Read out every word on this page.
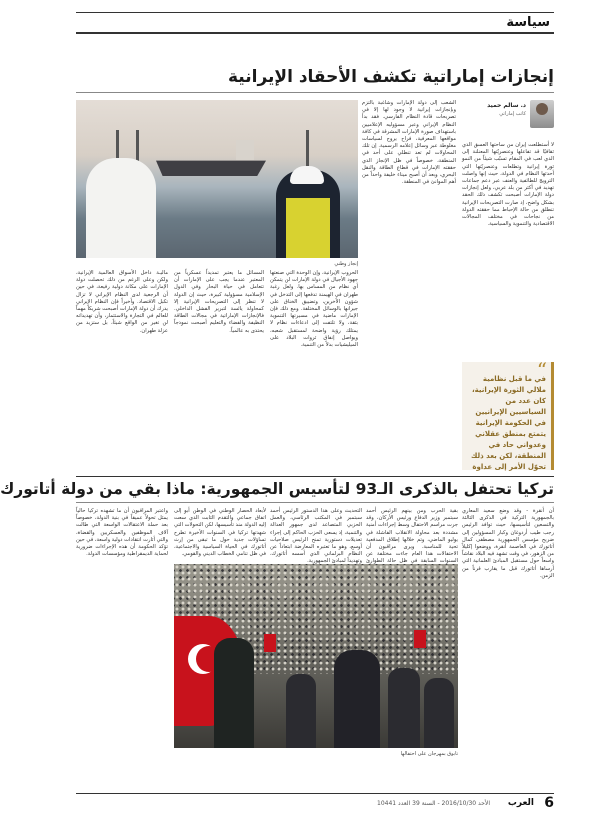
سياسة
إنجازات إماراتية تكشف الأحقاد الإيرانية
د. سالم حميد
كاتب إماراتي
إنجاز وطني

لا أستطلعت إيران من ساحتها العسق الذي ثقافيّا قد تفاعلها وعنصريّتها المعنلنة إلى الذي لعب في المقام تسبّب شيئاً من النمو ثورة إيرانية وتطلعات وعنصريّتها التي أحدثها النظام في الدولة، حيث إنها واصلت الترويج للطائفية والعنف عبر دعم جماعات تهديد في أكثر من بلد عربي، ولعل إنجازات دولة الإمارات أصبحت تكشف ذلك الحقد بشكل واضح، إذ صارت التصريحات الإيرانية تنطلق من حالة الإحباط مما حققته الدولة من نجاحات في مختلف المجالات الاقتصادية والتنموية والسياسية.

الشعب إلى دولة الإمارات وشاغبة بالتزم وبإنجازات إيرانية لا وجود لها إلا في تصريحات قادة النظام الفارسي. فقد بدأ النظام الإيراني وعبر مسؤوليه الإعلاميين باستهداف صورة الإمارات المشرقة في كافة مواقعها المعرفية، فراح يروج لسياسات مغلوطة عبر وسائل إعلامه الرسمية. إن تلك المحاولات لم تعد تنطلي على أحد في المنطقة، خصوصاً في ظل الإنجاز الذي حققته الإمارات في قطاع الطاقة والنقل البحري، وبعد أن أصبح ميناء خليفة واحداً من أهم الموانئ في المنطقة.

الحروب الإيرانية، وإن الوحدة التي صنعتها جهود الأجيال في دولة الإمارات لن يتمكن أي نظام من المساس بها. ولعل رغبة طهران في الهيمنة تدفعها إلى التدخل في شؤون الآخرين، وتضييق الخناق على جيرانها بالوسائل المختلفة. ومع ذلك فإن الإمارات ماضية في مسيرتها التنموية بثقة، ولا تلتفت إلى ادعاءات نظام لا يمتلك رؤية واضحة لمستقبل شعبه، ويواصل إنفاق ثروات البلاد على الميليشيات بدلاً من التنمية.

المسائل ما يعتبر تمديداً عسكرياً من المعتبر عندما يجب على الإمارات أن تتعامل في حياة البحار وفي الدول الإسلامية مسؤولية كبيرة، حيث إن الدولة لا تنظر إلى التصريحات الإيرانية إلا كمحاولة يائسة لتبرير الفشل الداخلي. فالإنجازات الإماراتية في مجالات الطاقة النظيفة والفضاء والتعليم أصبحت نموذجاً يحتذى به عالمياً.

ماليـة داخل الأسواق العالمية الإيرانية، ولكن وعلى الرغم من ذلك تحصلت دولة الإمارات على مكانة دولية رفيعة، في حين أن الرجعية لدى النظام الإيراني لا تزال تكبل الاقتصاد. وأخيراً فإن النظام الإيراني يدرك أن دولة الإمارات أصبحت شريكاً مهماً للعالم في التجارة والاستثمار، وأن تهديداته لن تغير من الواقع شيئاً، بل ستزيد من عزلة طهران.

“
في ما قبل نظامية ملالي الثورة الإيرانية، كان عدد من السياسيين الإيرانيين في الحكومة الإيرانية يتمتع بمنطق عقلاني وعدواني حاد في المنطقة، لكن بعد ذلك تحوّل الأمر إلى عداوة
تركيا تحتفل بالذكرى الـ93 لتأسيس الجمهورية: ماذا بقي من دولة أتاتورك

أن أنقرة - وقد وضع سعيد المعاري بالجمهورية التركية في الذكرى الثالثة والتسعين لتأسيسها، حيث توافد الرئيس رجب طيب أردوغان وكبار المسؤولين إلى ضريح مؤسس الجمهورية مصطفى كمال أتاتورك في العاصمة أنقرة، ووضعوا إكليلاً من الزهور، في وقت تشهد فيه البلاد نقاشاً واسعاً حول مستقبل المبادئ العلمانية التي أرساها أتاتورك قبل ما يقارب قرناً من الزمن.

بقية الحرب ومن بينهم الرئيس أحمد سبتمبر وزير الدفاع ورئيس الأركان، وقد جرت مراسم الاحتفال وسط إجراءات أمنية مشددة بعد محاولة الانقلاب الفاشلة في يوليو الماضي، وتم خلالها إطلاق المدفعية تحية للمناسبة. ويرى مراقبون أن الاحتفالات هذا العام جاءت مختلفة عن السنوات السابقة في ظل حالة الطوارئ

التحديث وعلى هذا الدستور الرئيس أحمد سبتمبر في المكتب الرئاسي، والعمل الحزبي المتصاعد لدى جمهور العدالة والتنمية، إذ يسعى الحزب الحاكم إلى إجراء تعديلات دستورية تمنح الرئيس صلاحيات أوسع، وهو ما تعتبره المعارضة ابتعاداً عن النظام البرلماني الذي أسسه أتاتورك، وتهديداً لمبادئ الجمهورية.

لأبعاد الحصار الوطني في الوطن أبو إلى اتفاق جماعي والتقدم الثابت الذي سعت إليه الدولة منذ تأسيسها، لكن التحولات التي شهدتها تركيا في السنوات الأخيرة تطرح تساؤلات جدية حول ما تبقى من إرث أتاتورك في الحياة السياسية والاجتماعية، في ظل تنامي الخطاب الديني والقومي.

واعتبر المراقبون أن ما تشهده تركيا حالياً يمثل تحولاً عميقاً في بنية الدولة، خصوصاً بعد حملة الاعتقالات الواسعة التي طالت آلاف الموظفين والعسكريين والقضاة، والتي أثارت انتقادات دولية واسعة، في حين تؤكد الحكومة أن هذه الإجراءات ضرورية لحماية الديمقراطية ومؤسسات الدولة.

تابوق بمهرجان على احتفالها
6
العرب
الأحد 2016/10/30 - السنة 39 العدد 10441
